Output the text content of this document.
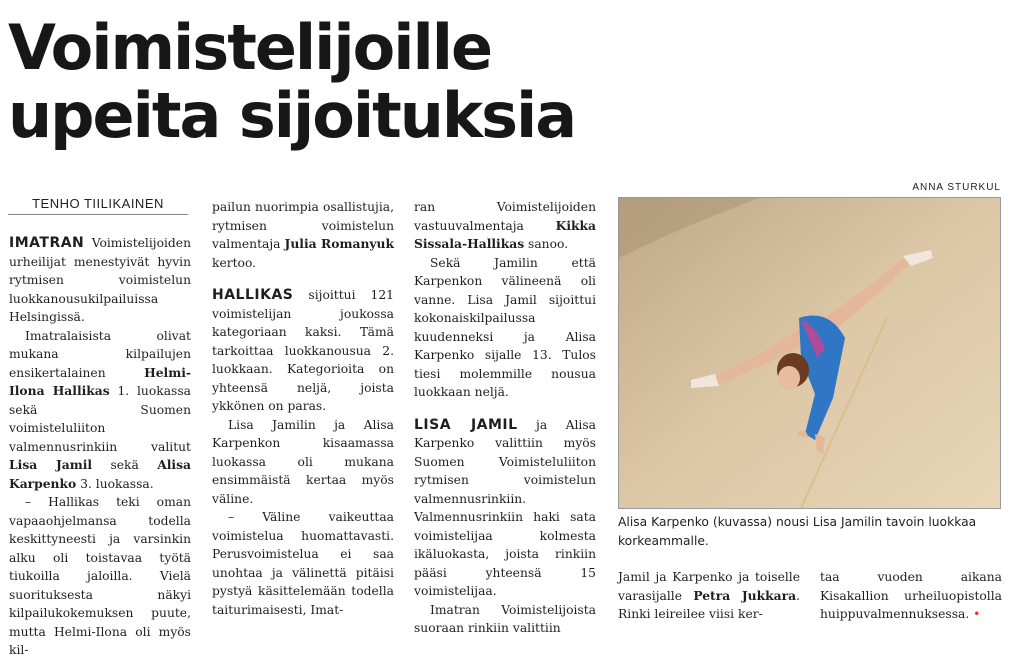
Voimistelijoille
upeita sijoituksia
TENHO TIILIKAINEN

IMATRAN Voimistelijoiden urheilijat menestyivät hyvin rytmisen voimistelun luokkanousukilpailuissa Helsingissä.

Imatralaisista olivat mukana kilpailujen ensikertalainen Helmi-Ilona Hallikas 1. luokassa sekä Suomen voimisteluliiton valmennusrinkiin valitut Lisa Jamil sekä Alisa Karpenko 3. luokassa.

– Hallikas teki oman vapaaohjelmansa todella keskittyneesti ja varsinkin alku oli toistavaa työtä tiukoilla jaloilla. Vielä suorituksesta näkyi kilpailukokemuksen puute, mutta Helmi-Ilona oli myös kil-

pailun nuorimpia osallistujia, rytmisen voimistelun valmentaja Julia Romanyuk kertoo.

HALLIKAS sijoittui 121 voimistelijan joukossa kategoriaan kaksi. Tämä tarkoittaa luokkanousua 2. luokkaan. Kategorioita on yhteensä neljä, joista ykkönen on paras.

Lisa Jamilin ja Alisa Karpenkon kisaamassa luokassa oli mukana ensimmäistä kertaa myös väline.

– Väline vaikeuttaa voimistelua huomattavasti. Perusvoimistelua ei saa unohtaa ja välinettä pitäisi pystyä käsittelemään todella taiturimaisesti, Imat-

ran Voimistelijoiden vastuuvalmentaja Kikka Sissala-Hallikas sanoo.

Sekä Jamilin että Karpenkon välineenä oli vanne. Lisa Jamil sijoittui kokonaiskilpailussa kuudenneksi ja Alisa Karpenko sijalle 13. Tulos tiesi molemmille nousua luokkaan neljä.

LISA JAMIL ja Alisa Karpenko valittiin myös Suomen Voimisteluliiton rytmisen voimistelun valmennusrinkiin. Valmennusrinkiin haki sata voimistelijaa kolmesta ikäluokasta, joista rinkiin pääsi yhteensä 15 voimistelijaa.

Imatran Voimistelijoista suoraan rinkiin valittiin

ANNA STURKUL
Alisa Karpenko (kuvassa) nousi Lisa Jamilin tavoin luokkaa korkeammalle.

Jamil ja Karpenko ja toiselle varasijalle Petra Jukkara. Rinki leireilee viisi ker-

taa vuoden aikana Kisakallion urheiluopistolla huippuvalmennuksessa. •
